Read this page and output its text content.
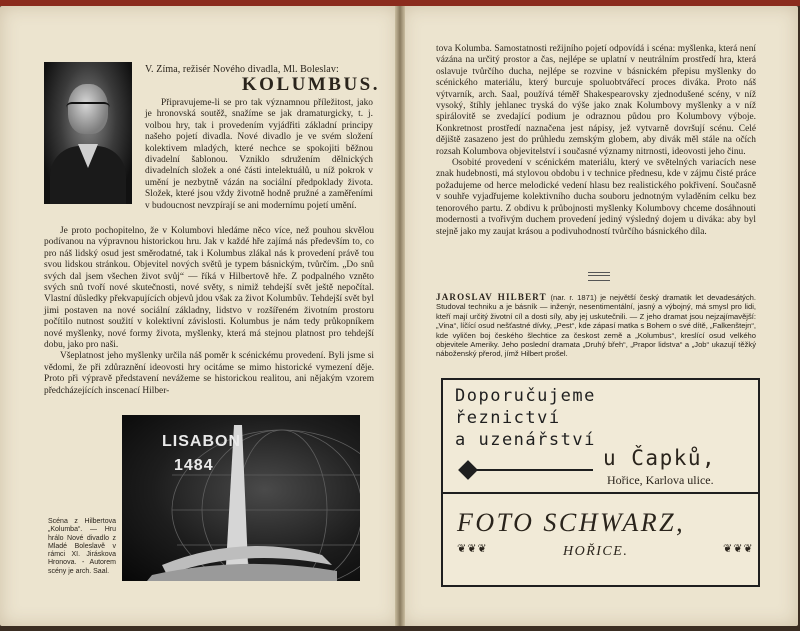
V. Zíma, režisér Nového divadla, Ml. Boleslav:
KOLUMBUS.

Připravujeme-li se pro tak významnou příležitost, jako je hronovská soutěž, snažíme se jak dramaturgicky, t. j. volbou hry, tak i provedením vyjádřiti základní principy našeho pojetí divadla. Nové divadlo je ve svém složení kolektivem mladých, které nechce se spokojiti běžnou divadelní šablonou. Vzniklo sdružením dělnických divadelních složek a oné části intelektuálů, u níž pokrok v umění je nezbytně vázán na sociální předpoklady života. Složek, které jsou vždy životně hodně pružné a zaměřeními v budoucnost nevzpírají se ani modernímu pojetí umění.

Je proto pochopitelno, že v Kolumbovi hledáme něco více, než pouhou skvělou podívanou na výpravnou historickou hru. Jak v každé hře zajímá nás především to, co pro náš lidský osud jest směrodatné, tak i Kolumbus zlákal nás k provedení právě tou svou lidskou stránkou. Objevitel nových světů je typem básnickým, tvůrčím. „Do snů svých dal jsem všechen život svůj“ — říká v Hilbertově hře. Z podpalného vzněto svých snů tvoří nové skutečnosti, nové světy, s nimiž tehdejší svět ještě nepočítal. Vlastní důsledky překvapujících objevů jdou však za život Kolumbův. Tehdejší svět byl jimi postaven na nové sociální základny, lidstvo v rozšířeném životním prostoru počítilo nutnost soužití v kolektivní závislosti. Kolumbus je nám tedy průkopníkem nové myšlenky, nové formy života, myšlenky, která má stejnou platnost pro tehdejší dobu, jako pro naši.

Všeplatnost jeho myšlenky určila náš poměr k scénickému provedení. Byli jsme si vědomi, že při zdůraznění ideovosti hry ocitáme se mimo historické vymezení děje. Proto při výpravě představení nevážeme se historickou realitou, ani nějakým vzorem předcházejících inscenací Hilber-

LISABON
1484
Scéna z Hilbertova „Kolumba“. — Hru hrálo Nové divadlo z Mladé Boleslavě v rámci XI. Jiráskova Hronova. - Autorem scény je arch. Saal.

tova Kolumba. Samostatnosti režijního pojetí odpovídá i scéna: myšlenka, která není vázána na určitý prostor a čas, nejlépe se uplatní v neutrálním prostředí hra, která oslavuje tvůrčího ducha, nejlépe se rozvine v básnickém přepisu myšlenky do scénického materiálu, který burcuje spoluobtvářecí proces diváka. Proto náš výtvarník, arch. Saal, používá téměř Shakespearovsky zjednodušené scény, v níž vysoký, štíhly jehlanec tryská do výše jako znak Kolumbovy myšlenky a v níž spirálovitě se zvedající podium je odraznou půdou pro Kolumbovy výboje. Konkretnost prostředí naznačena jest nápisy, jež vytvarně dovršují scénu. Celé dějiště zasazeno jest do průhledu zemským globem, aby divák měl stále na očích rozsah Kolumbova objevitelství i současné významy nitrnosti, ideovosti jeho činu.

Osobité provedení v scénickém materiálu, který ve světelných variacích nese znak hudebnosti, má stylovou obdobu i v technice přednesu, kde v zájmu čisté práce požadujeme od herce melodické vedení hlasu bez realistického pokřivení. Současně v souhře vyjadřujeme kolektivního ducha souboru jednotným vyladěním celku bez tenorového partu. Z obdivu k průbojnosti myšlenky Kolumbovy chceme dosáhnouti modernosti a tvořivým duchem provedení jediný výsledný dojem u diváka: aby byl stejně jako my zaujat krásou a podivuhodností tvůrčího básnického díla.

JAROSLAV HILBERT (nar. r. 1871) je největší český dramatik let devadesátých. Studoval techniku a je básník — inženýr, nesentimentální, jasný a výbojný, má smysl pro lidi, kteří mají určitý životní cíl a dosti síly, aby jej uskutečnili. — Z jeho dramat jsou nejzajímavější: „Vina“, líčící osud nešťastné dívky, „Pest“, kde zápasí matka s Bohem o své dítě, „Falkenštejn“, kde vyličen boj českého šlechtice za českost země a „Kolumbus“, kreslící osud velkého objevitele Ameriky. Jeho poslední dramata „Druhý břeh“, „Prapor lidstva“ a „Job“ ukazují těžký náboženský přerod, jímž Hilbert prošel.
Doporučujeme
řeznictví
a uzenářství
u Čapků,
Hořice, Karlova ulice.
FOTO SCHWARZ,
❦❦❦	HOŘICE.	❦❦❦
